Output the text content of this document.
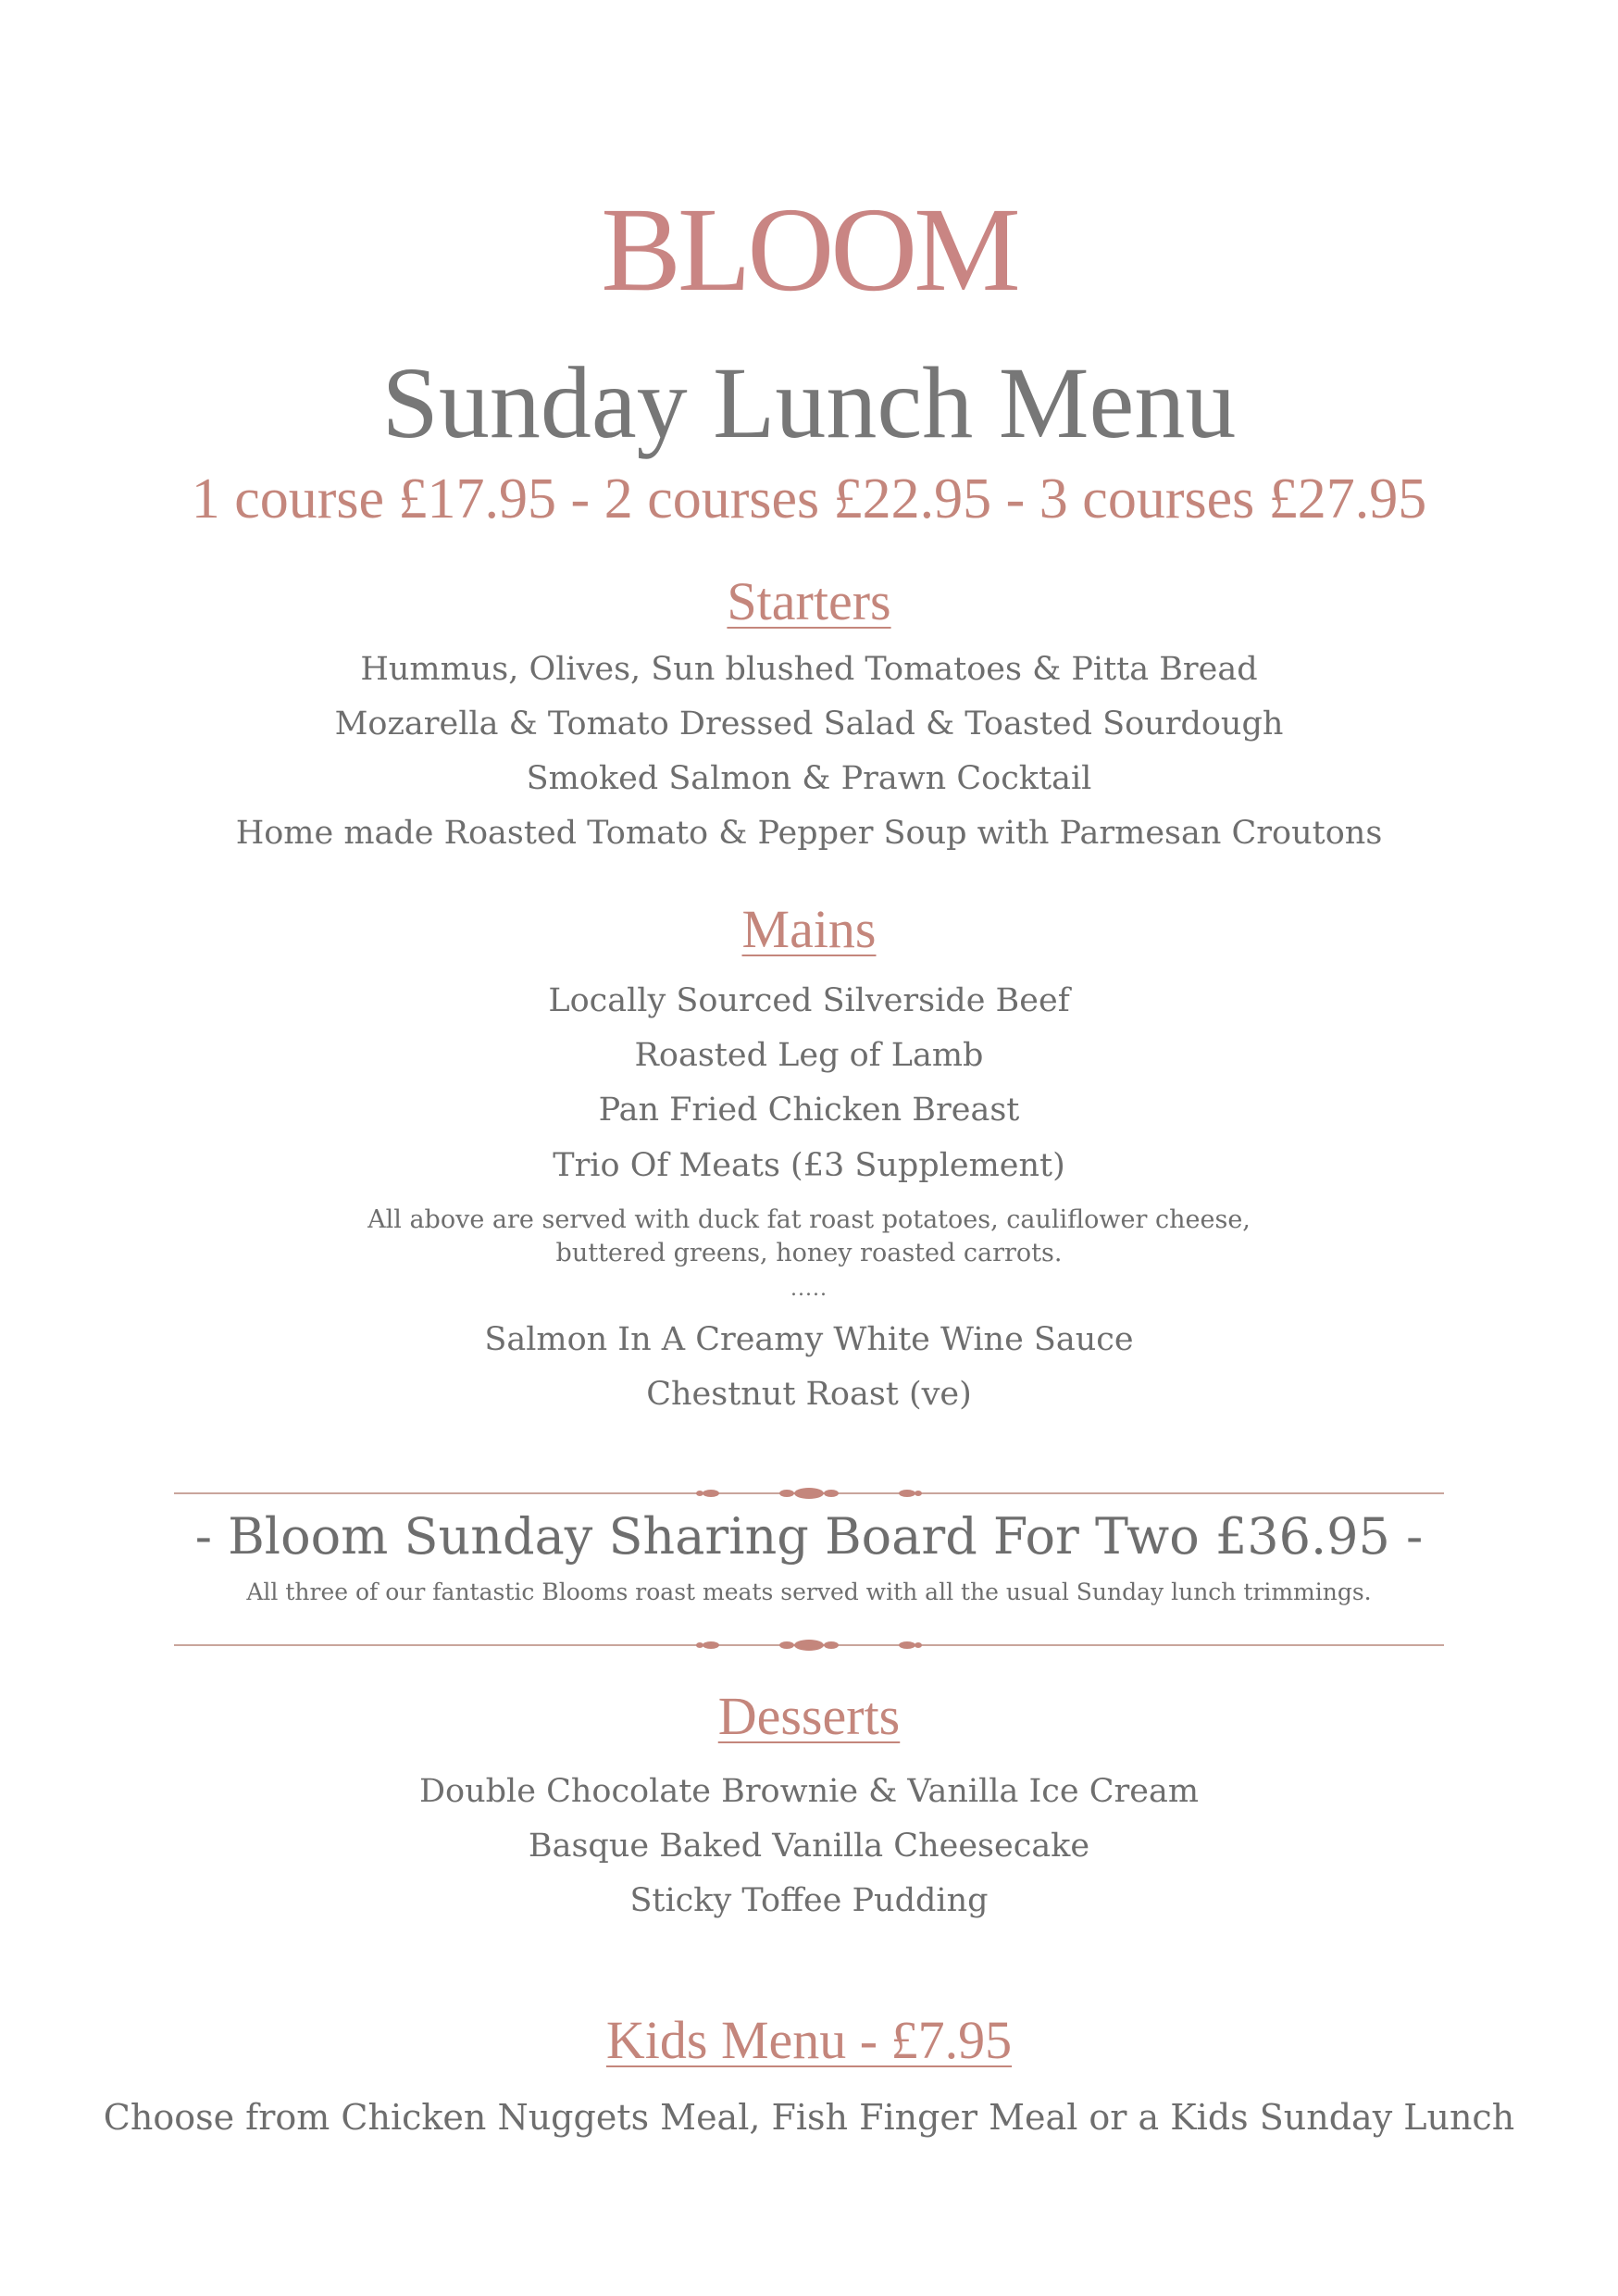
BLOOM
Sunday Lunch Menu
1 course £17.95 - 2 courses £22.95 - 3 courses £27.95
Starters
Hummus, Olives, Sun blushed Tomatoes & Pitta Bread
Mozarella & Tomato Dressed Salad & Toasted Sourdough
Smoked Salmon & Prawn Cocktail
Home made Roasted Tomato & Pepper Soup with Parmesan Croutons
Mains
Locally Sourced Silverside Beef
Roasted Leg of Lamb
Pan Fried Chicken Breast
Trio Of Meats (£3 Supplement)
All above are served with duck fat roast potatoes, cauliflower cheese,
buttered greens, honey roasted carrots.
.....
Salmon In A Creamy White Wine Sauce
Chestnut Roast (ve)
- Bloom Sunday Sharing Board For Two £36.95 -
All three of our fantastic Blooms roast meats served with all the usual Sunday lunch trimmings.
Desserts
Double Chocolate Brownie & Vanilla Ice Cream
Basque Baked Vanilla Cheesecake
Sticky Toffee Pudding
Kids Menu - £7.95
Choose from Chicken Nuggets Meal, Fish Finger Meal or a Kids Sunday Lunch
